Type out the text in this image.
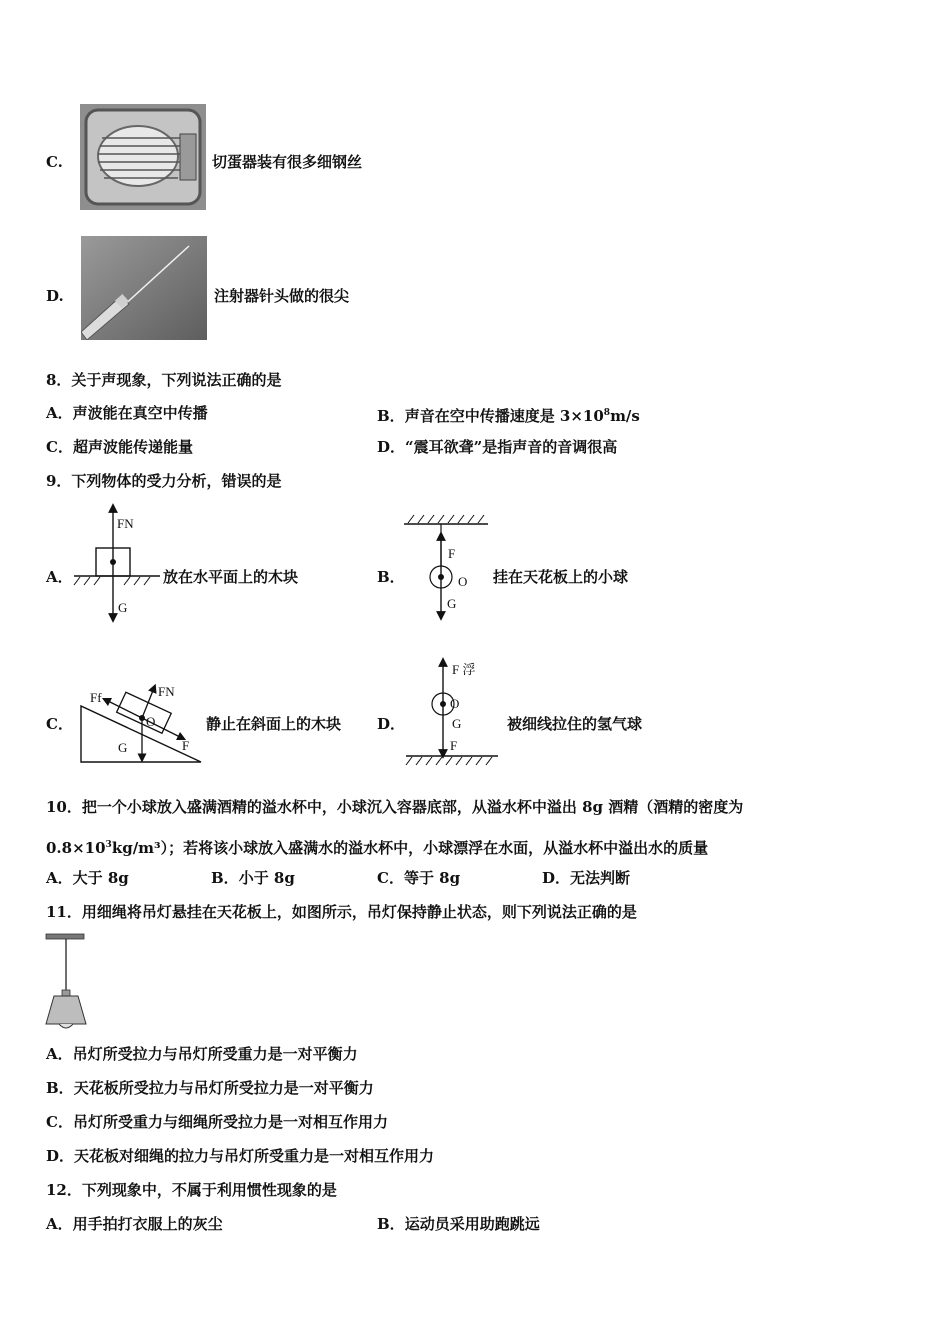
C.	切蛋器装有很多细钢丝
D.	注射器针头做的很尖
8．关于声现象，下列说法正确的是
A．声波能在真空中传播	B．声音在空中传播速度是 $3\times 10^8m/s$
C．超声波能传递能量	D．“震耳欲聋”是指声音的音调很高
9．下列物体的受力分析，错误的是
A．
FN
G
放在水平面上的木块	B．
F
O
G
挂在天花板上的小球
C．
Ff	FN
O
G	F
静止在斜面上的木块 D．
F 浮
O
G
F
被细线拉住的氢气球
10．把一个小球放入盛满酒精的溢水杯中，小球沉入容器底部，从溢水杯中溢出 8g 酒精（酒精的密度为
$0.8\times 10^3kg/m^3$）；若将该小球放入盛满水的溢水杯中，小球漂浮在水面，从溢水杯中溢出水的质量
A．大于 8g	B．小于 8g	C．等于 8g	D．无法判断
11．用细绳将吊灯悬挂在天花板上，如图所示，吊灯保持静止状态，则下列说法正确的是
A．吊灯所受拉力与吊灯所受重力是一对平衡力
B．天花板所受拉力与吊灯所受拉力是一对平衡力
C．吊灯所受重力与细绳所受拉力是一对相互作用力
D．天花板对细绳的拉力与吊灯所受重力是一对相互作用力
12．下列现象中，不属于利用惯性现象的是
A．用手拍打衣服上的灰尘	B．运动员采用助跑跳远
